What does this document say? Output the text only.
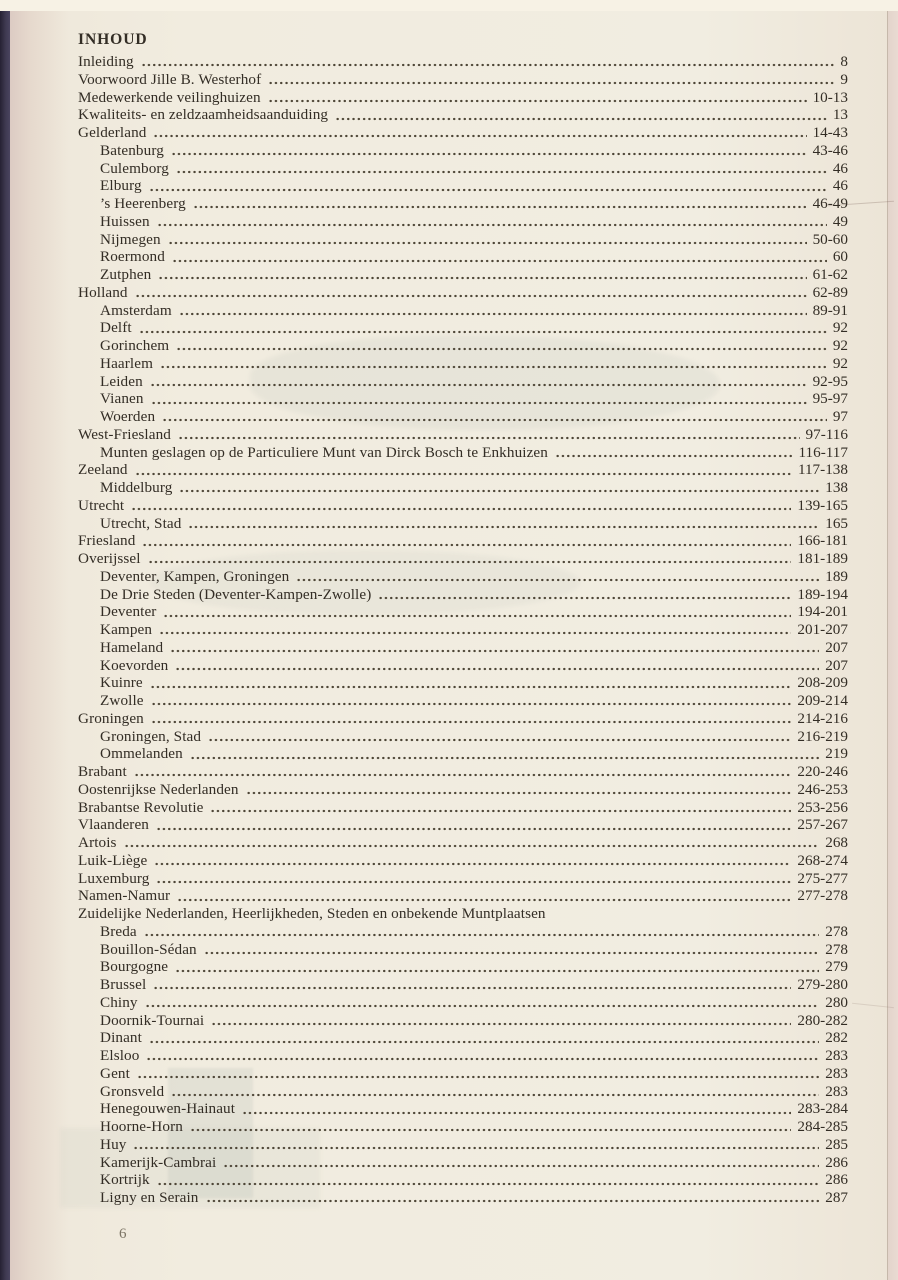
INHOUD
Inleiding	8
Voorwoord Jille B. Westerhof	9
Medewerkende veilinghuizen	10-13
Kwaliteits- en zeldzaamheidsaanduiding	13
Gelderland	14-43
Batenburg	43-46
Culemborg	46
Elburg	46
’s Heerenberg	46-49
Huissen	49
Nijmegen	50-60
Roermond	60
Zutphen	61-62
Holland	62-89
Amsterdam	89-91
Delft	92
Gorinchem	92
Haarlem	92
Leiden	92-95
Vianen	95-97
Woerden	97
West-Friesland	97-116
Munten geslagen op de Particuliere Munt van Dirck Bosch te Enkhuizen	116-117
Zeeland	117-138
Middelburg	138
Utrecht	139-165
Utrecht, Stad	165
Friesland	166-181
Overijssel	181-189
Deventer, Kampen, Groningen	189
De Drie Steden (Deventer-Kampen-Zwolle)	189-194
Deventer	194-201
Kampen	201-207
Hameland	207
Koevorden	207
Kuinre	208-209
Zwolle	209-214
Groningen	214-216
Groningen, Stad	216-219
Ommelanden	219
Brabant	220-246
Oostenrijkse Nederlanden	246-253
Brabantse Revolutie	253-256
Vlaanderen	257-267
Artois	268
Luik-Liège	268-274
Luxemburg	275-277
Namen-Namur	277-278
Zuidelijke Nederlanden, Heerlijkheden, Steden en onbekende Muntplaatsen
Breda	278
Bouillon-Sédan	278
Bourgogne	279
Brussel	279-280
Chiny	280
Doornik-Tournai	280-282
Dinant	282
Elsloo	283
Gent	283
Gronsveld	283
Henegouwen-Hainaut	283-284
Hoorne-Horn	284-285
Huy	285
Kamerijk-Cambrai	286
Kortrijk	286
Ligny en Serain	287
6
